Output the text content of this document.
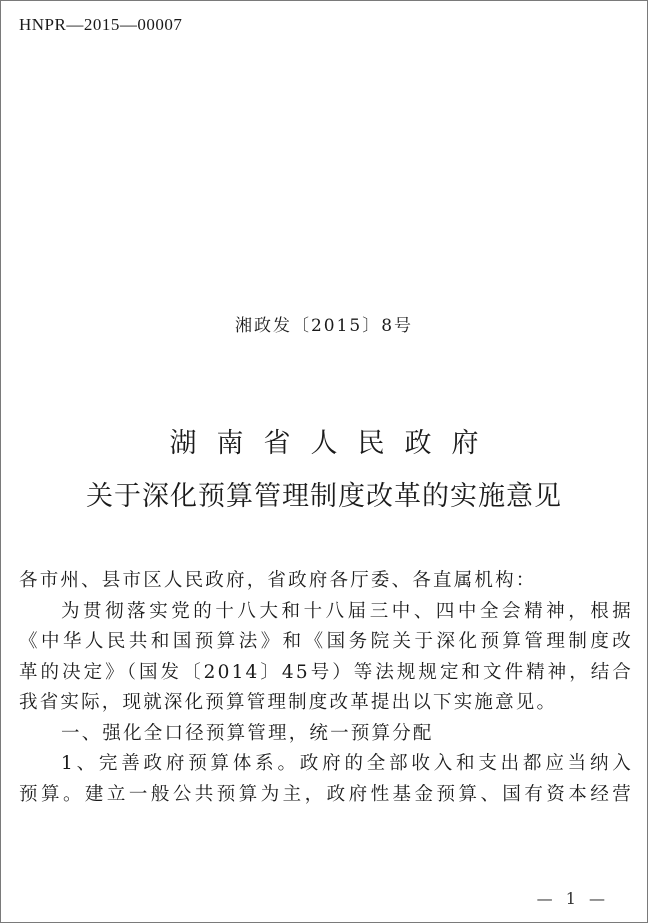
HNPR—2015—00007
湘政发〔2015〕8号
湖南省人民政府
关于深化预算管理制度改革的实施意见
各市州、县市区人民政府，省政府各厅委、各直属机构：
为贯彻落实党的十八大和十八届三中、四中全会精神，根据
《中华人民共和国预算法》和《国务院关于深化预算管理制度改
革的决定》（国发〔2014〕45号）等法规规定和文件精神，结合
我省实际，现就深化预算管理制度改革提出以下实施意见。
一、强化全口径预算管理，统一预算分配
1、完善政府预算体系。政府的全部收入和支出都应当纳入
预算。建立一般公共预算为主，政府性基金预算、国有资本经营
— 1 —
